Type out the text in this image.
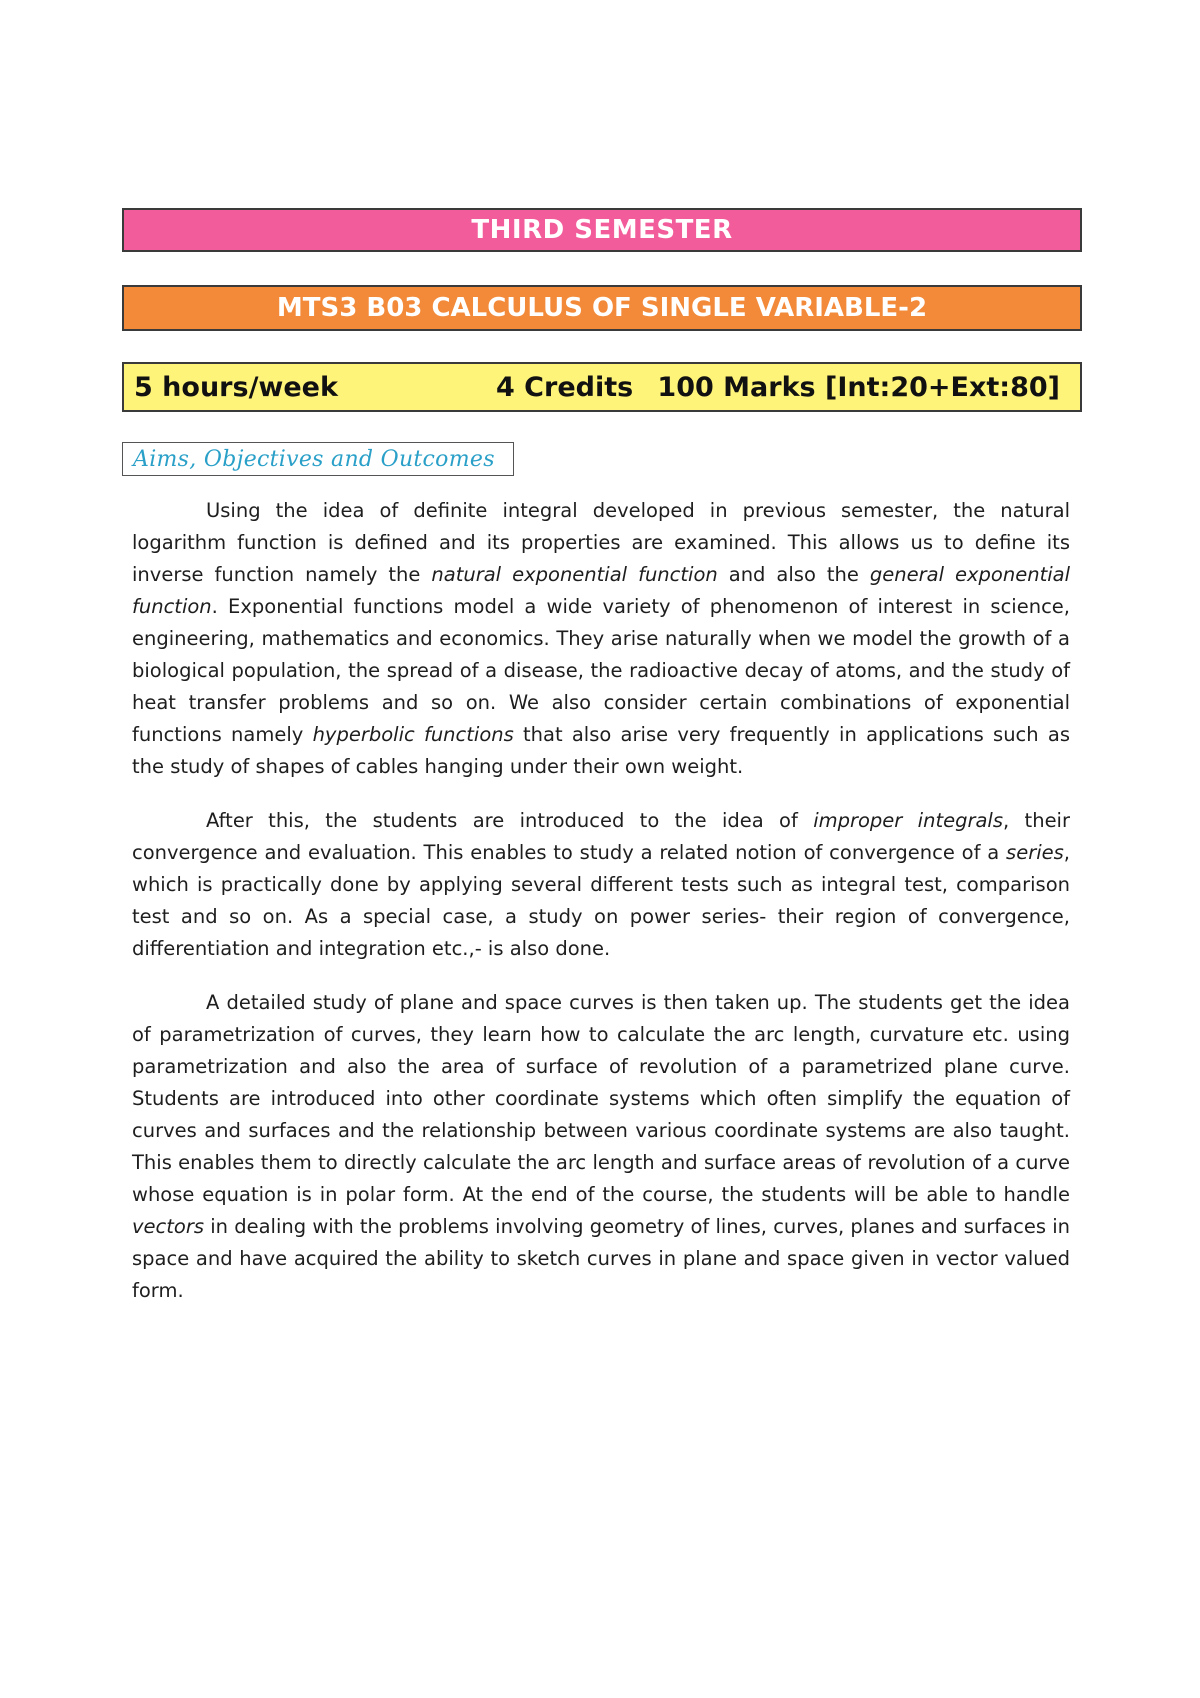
THIRD SEMESTER
MTS3 B03 CALCULUS OF SINGLE VARIABLE-2
5 hours/week	4 Credits 100 Marks [Int:20+Ext:80]
Aims, Objectives and Outcomes

Using the idea of definite integral developed in previous semester, the natural logarithm function is defined and its properties are examined. This allows us to define its inverse function namely the natural exponential function and also the general exponential function. Exponential functions model a wide variety of phenomenon of interest in science, engineering, mathematics and economics. They arise naturally when we model the growth of a biological population, the spread of a disease, the radioactive decay of atoms, and the study of heat transfer problems and so on. We also consider certain combinations of exponential functions namely hyperbolic functions that also arise very frequently in applications such as the study of shapes of cables hanging under their own weight.

After this, the students are introduced to the idea of improper integrals, their convergence and evaluation. This enables to study a related notion of convergence of a series, which is practically done by applying several different tests such as integral test, comparison test and so on. As a special case, a study on power series- their region of convergence, differentiation and integration etc.,- is also done.

A detailed study of plane and space curves is then taken up. The students get the idea of parametrization of curves, they learn how to calculate the arc length, curvature etc. using parametrization and also the area of surface of revolution of a parametrized plane curve. Students are introduced into other coordinate systems which often simplify the equation of curves and surfaces and the relationship between various coordinate systems are also taught. This enables them to directly calculate the arc length and surface areas of revolution of a curve whose equation is in polar form. At the end of the course, the students will be able to handle vectors in dealing with the problems involving geometry of lines, curves, planes and surfaces in space and have acquired the ability to sketch curves in plane and space given in vector valued form.
